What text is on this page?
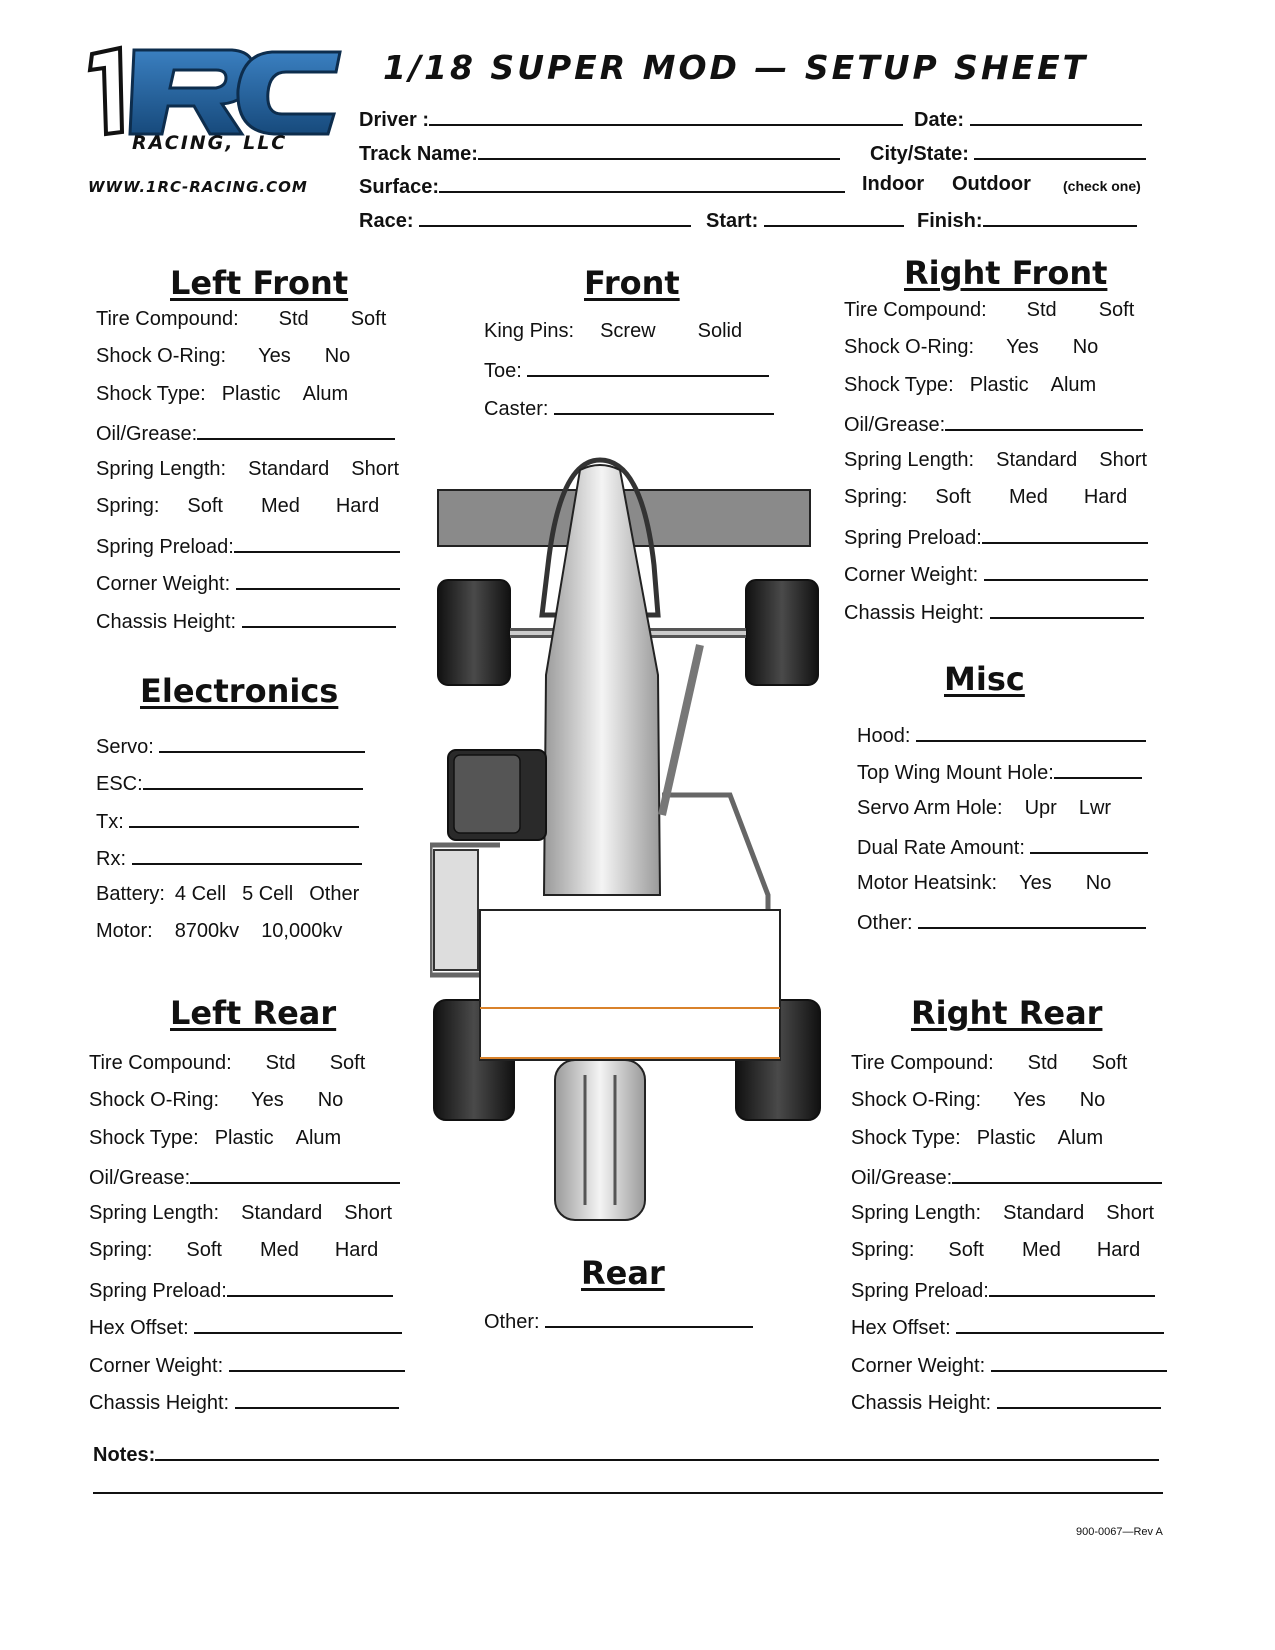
RACING, LLC
WWW.1RC-RACING.COM
1/18 SUPER MOD — SETUP SHEET
Driver :	Date:
Track Name:	City/State:
Surface:	Indoor Outdoor (check one)
Race:	Start:	Finish:
Left Front
Tire Compound: Std Soft
Shock O-Ring: Yes No
Shock Type: Plastic Alum
Oil/Grease:
Spring Length: Standard Short
Spring: Soft Med Hard
Spring Preload:
Corner Weight:
Chassis Height:
Front
King Pins: Screw Solid
Toe:
Caster:
Right Front
Tire Compound: Std Soft
Shock O-Ring: Yes No
Shock Type: Plastic Alum
Oil/Grease:
Spring Length: Standard Short
Spring: Soft Med Hard
Spring Preload:
Corner Weight:
Chassis Height:
Electronics
Servo:
ESC:
Tx:
Rx:
Battery: 4 Cell 5 Cell Other
Motor: 8700kv 10,000kv
Misc
Hood:
Top Wing Mount Hole:
Servo Arm Hole: Upr Lwr
Dual Rate Amount:
Motor Heatsink: Yes No
Other:
Left Rear
Tire Compound: Std Soft
Shock O-Ring: Yes No
Shock Type: Plastic Alum
Oil/Grease:
Spring Length: Standard Short
Spring: Soft Med Hard
Spring Preload:
Hex Offset:
Corner Weight:
Chassis Height:
Rear
Other:
Right Rear
Tire Compound: Std Soft
Shock O-Ring: Yes No
Shock Type: Plastic Alum
Oil/Grease:
Spring Length: Standard Short
Spring: Soft Med Hard
Spring Preload:
Hex Offset:
Corner Weight:
Chassis Height:
Notes:
900-0067—Rev A
